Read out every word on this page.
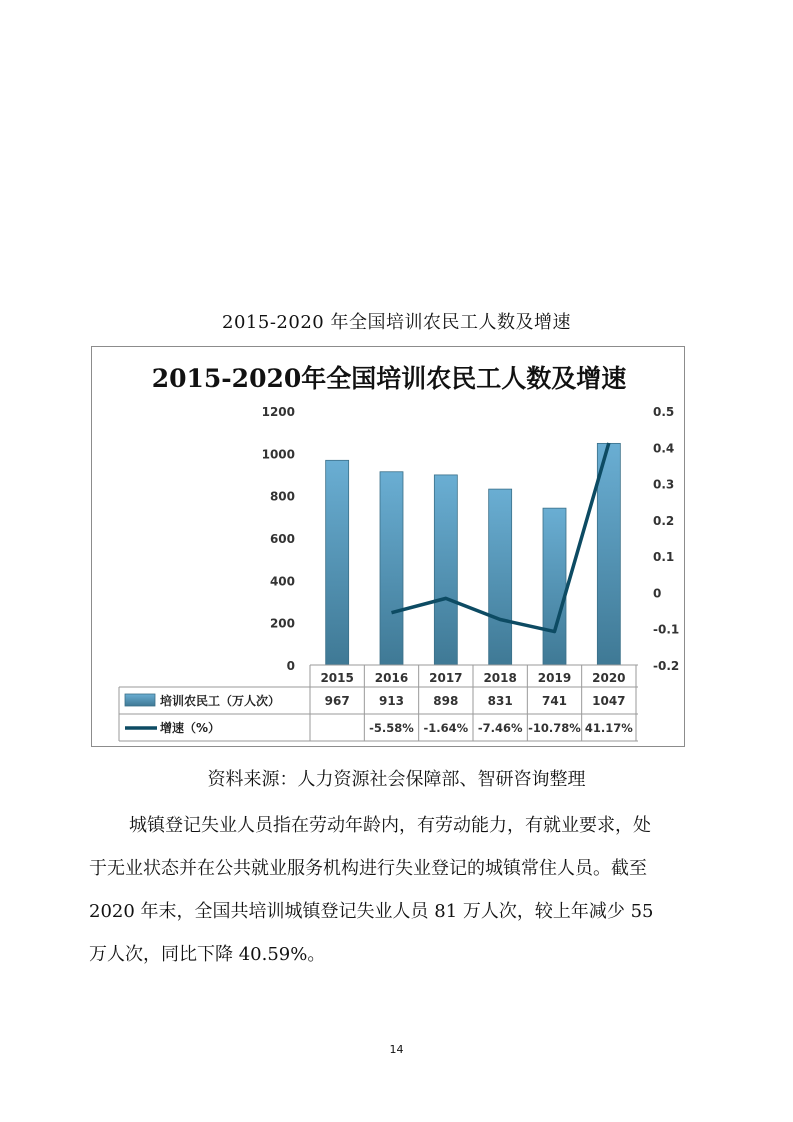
2015-2020 年全国培训农民工人数及增速
2015-2020年全国培训农民工人数及增速
0
200
400
600
800
1000
1200
-0.2
-0.1
0
0.1
0.2
0.3
0.4
0.5
2015 2016 2017 2018 2019 2020
培训农民工（万人次）
增速（%）
967 913 898 831 741 1047
-5.58% -1.64% -7.46% -10.78% 41.17%
资料来源：人力资源社会保障部、智研咨询整理

城镇登记失业人员指在劳动年龄内，有劳动能力，有就业要求，处
于无业状态并在公共就业服务机构进行失业登记的城镇常住人员。截至
2020 年末，全国共培训城镇登记失业人员 81 万人次，较上年减少 55
万人次，同比下降 40.59%。

14
